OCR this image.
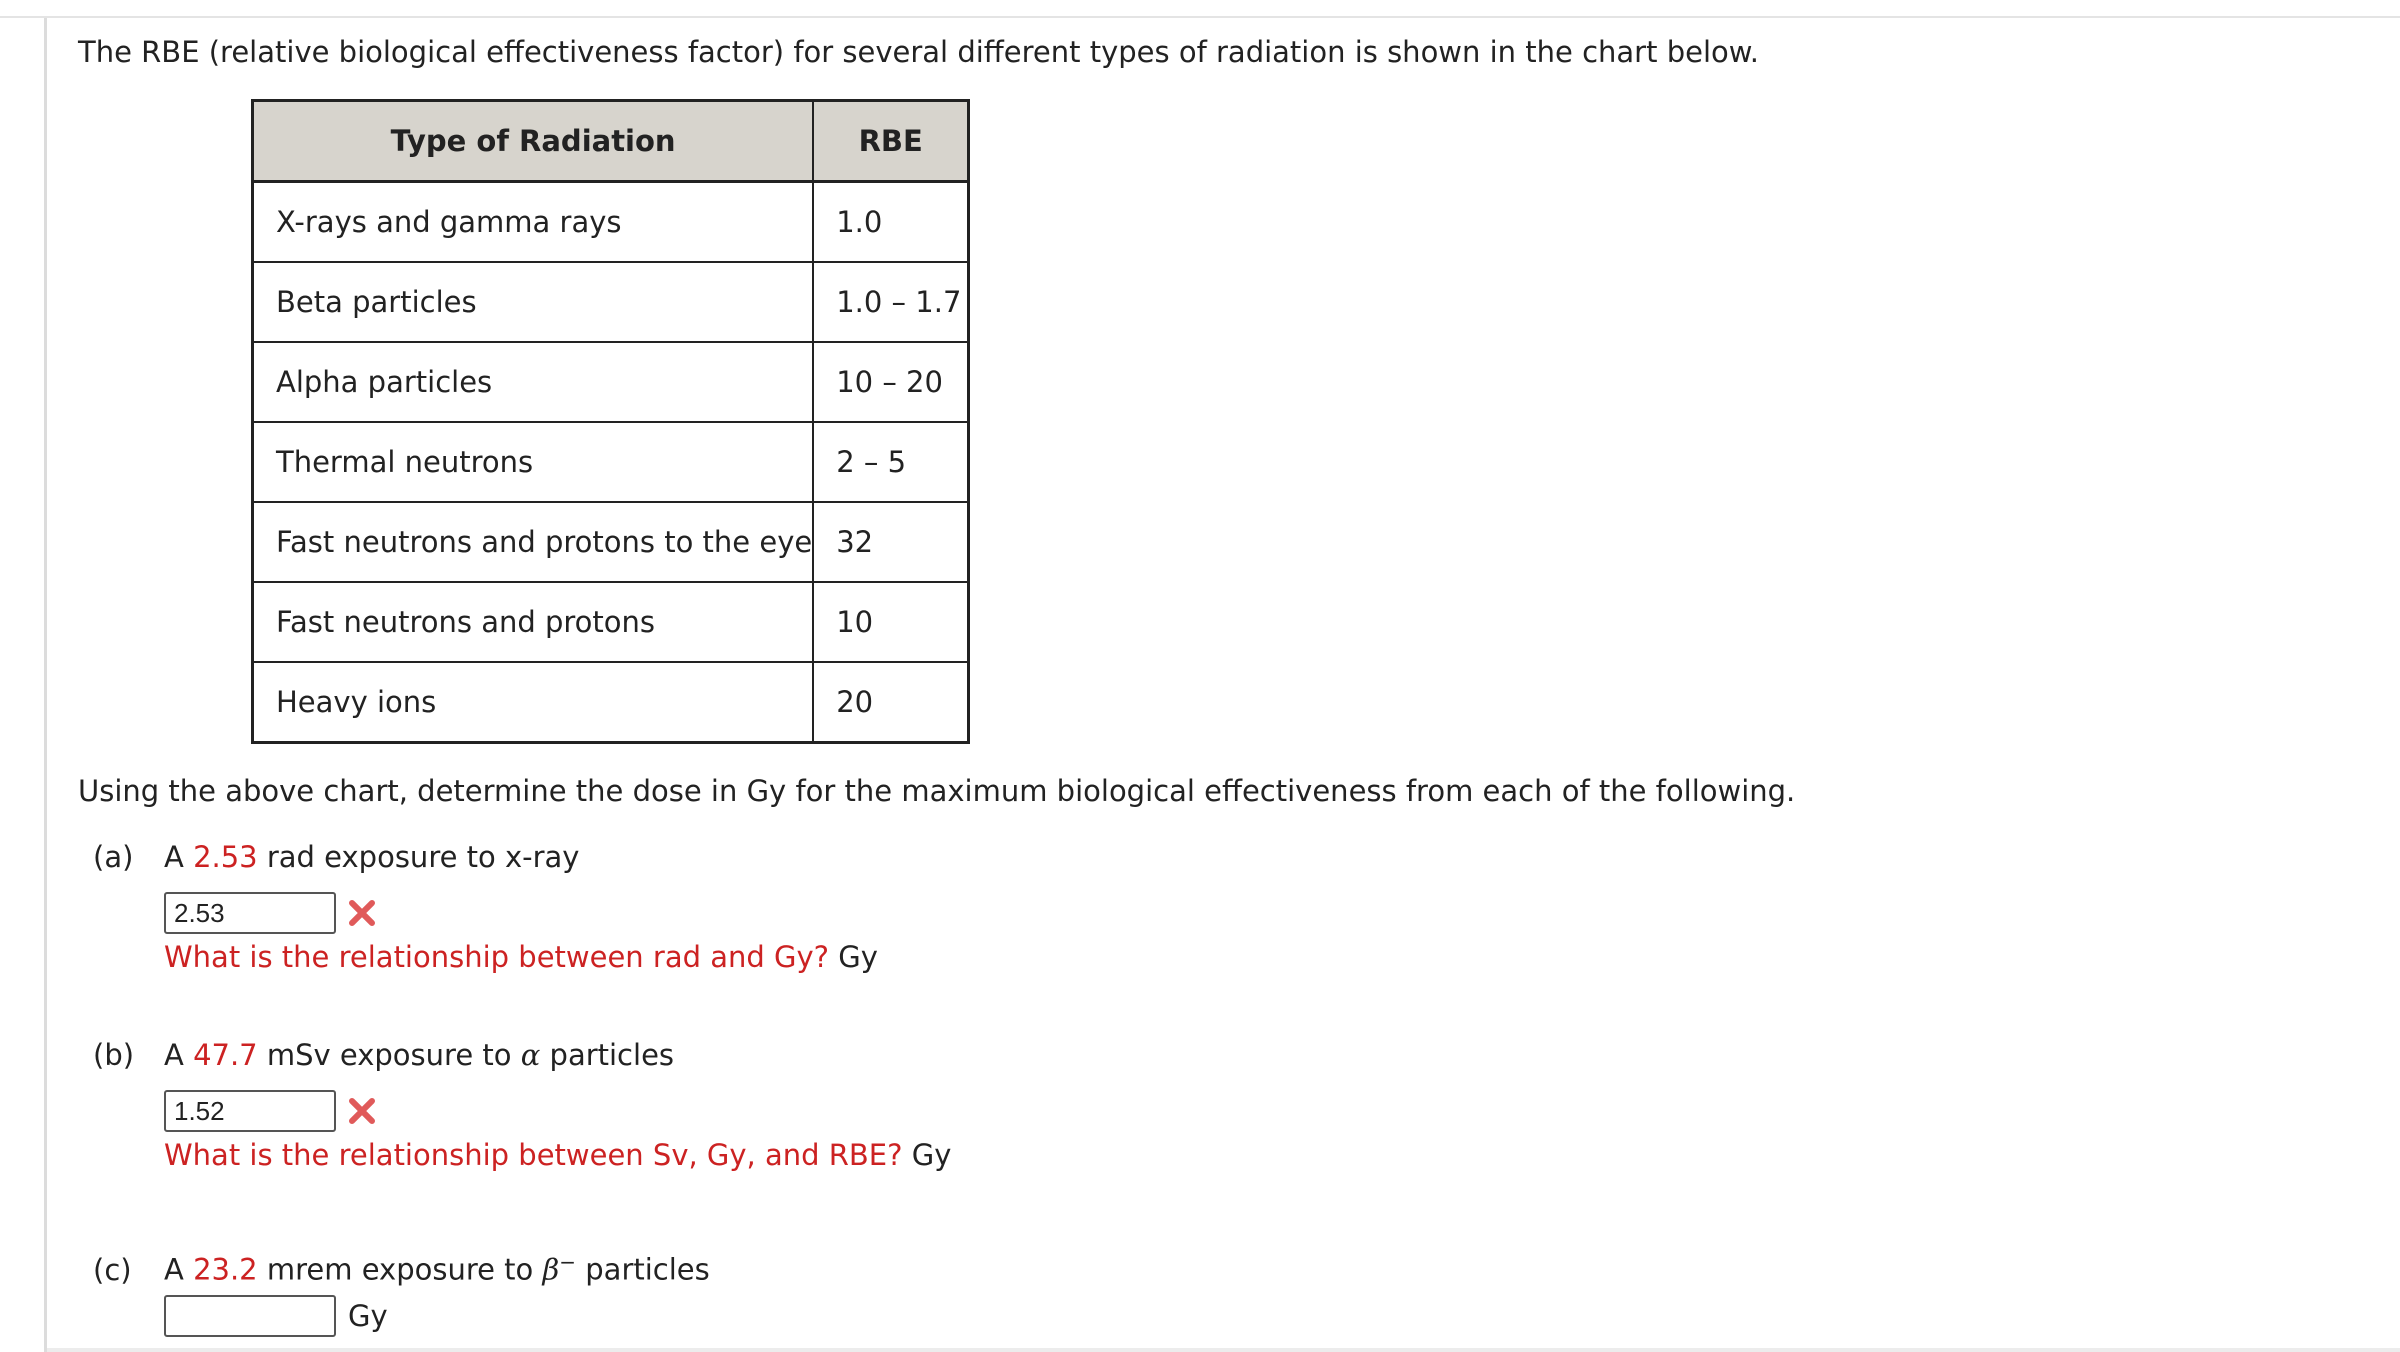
The RBE (relative biological effectiveness factor) for several different types of radiation is shown in the chart below.
Type of Radiation	RBE
X-rays and gamma rays	1.0
Beta particles	1.0 – 1.7
Alpha particles	10 – 20
Thermal neutrons	2 – 5
Fast neutrons and protons to the eye	32
Fast neutrons and protons	10
Heavy ions	20
Using the above chart, determine the dose in Gy for the maximum biological effectiveness from each of the following.
(a) A 2.53 rad exposure to x-ray
2.53
What is the relationship between rad and Gy? Gy
(b) A 47.7 mSv exposure to α particles
1.52
What is the relationship between Sv, Gy, and RBE? Gy
(c) A 23.2 mrem exposure to β− particles
Gy
